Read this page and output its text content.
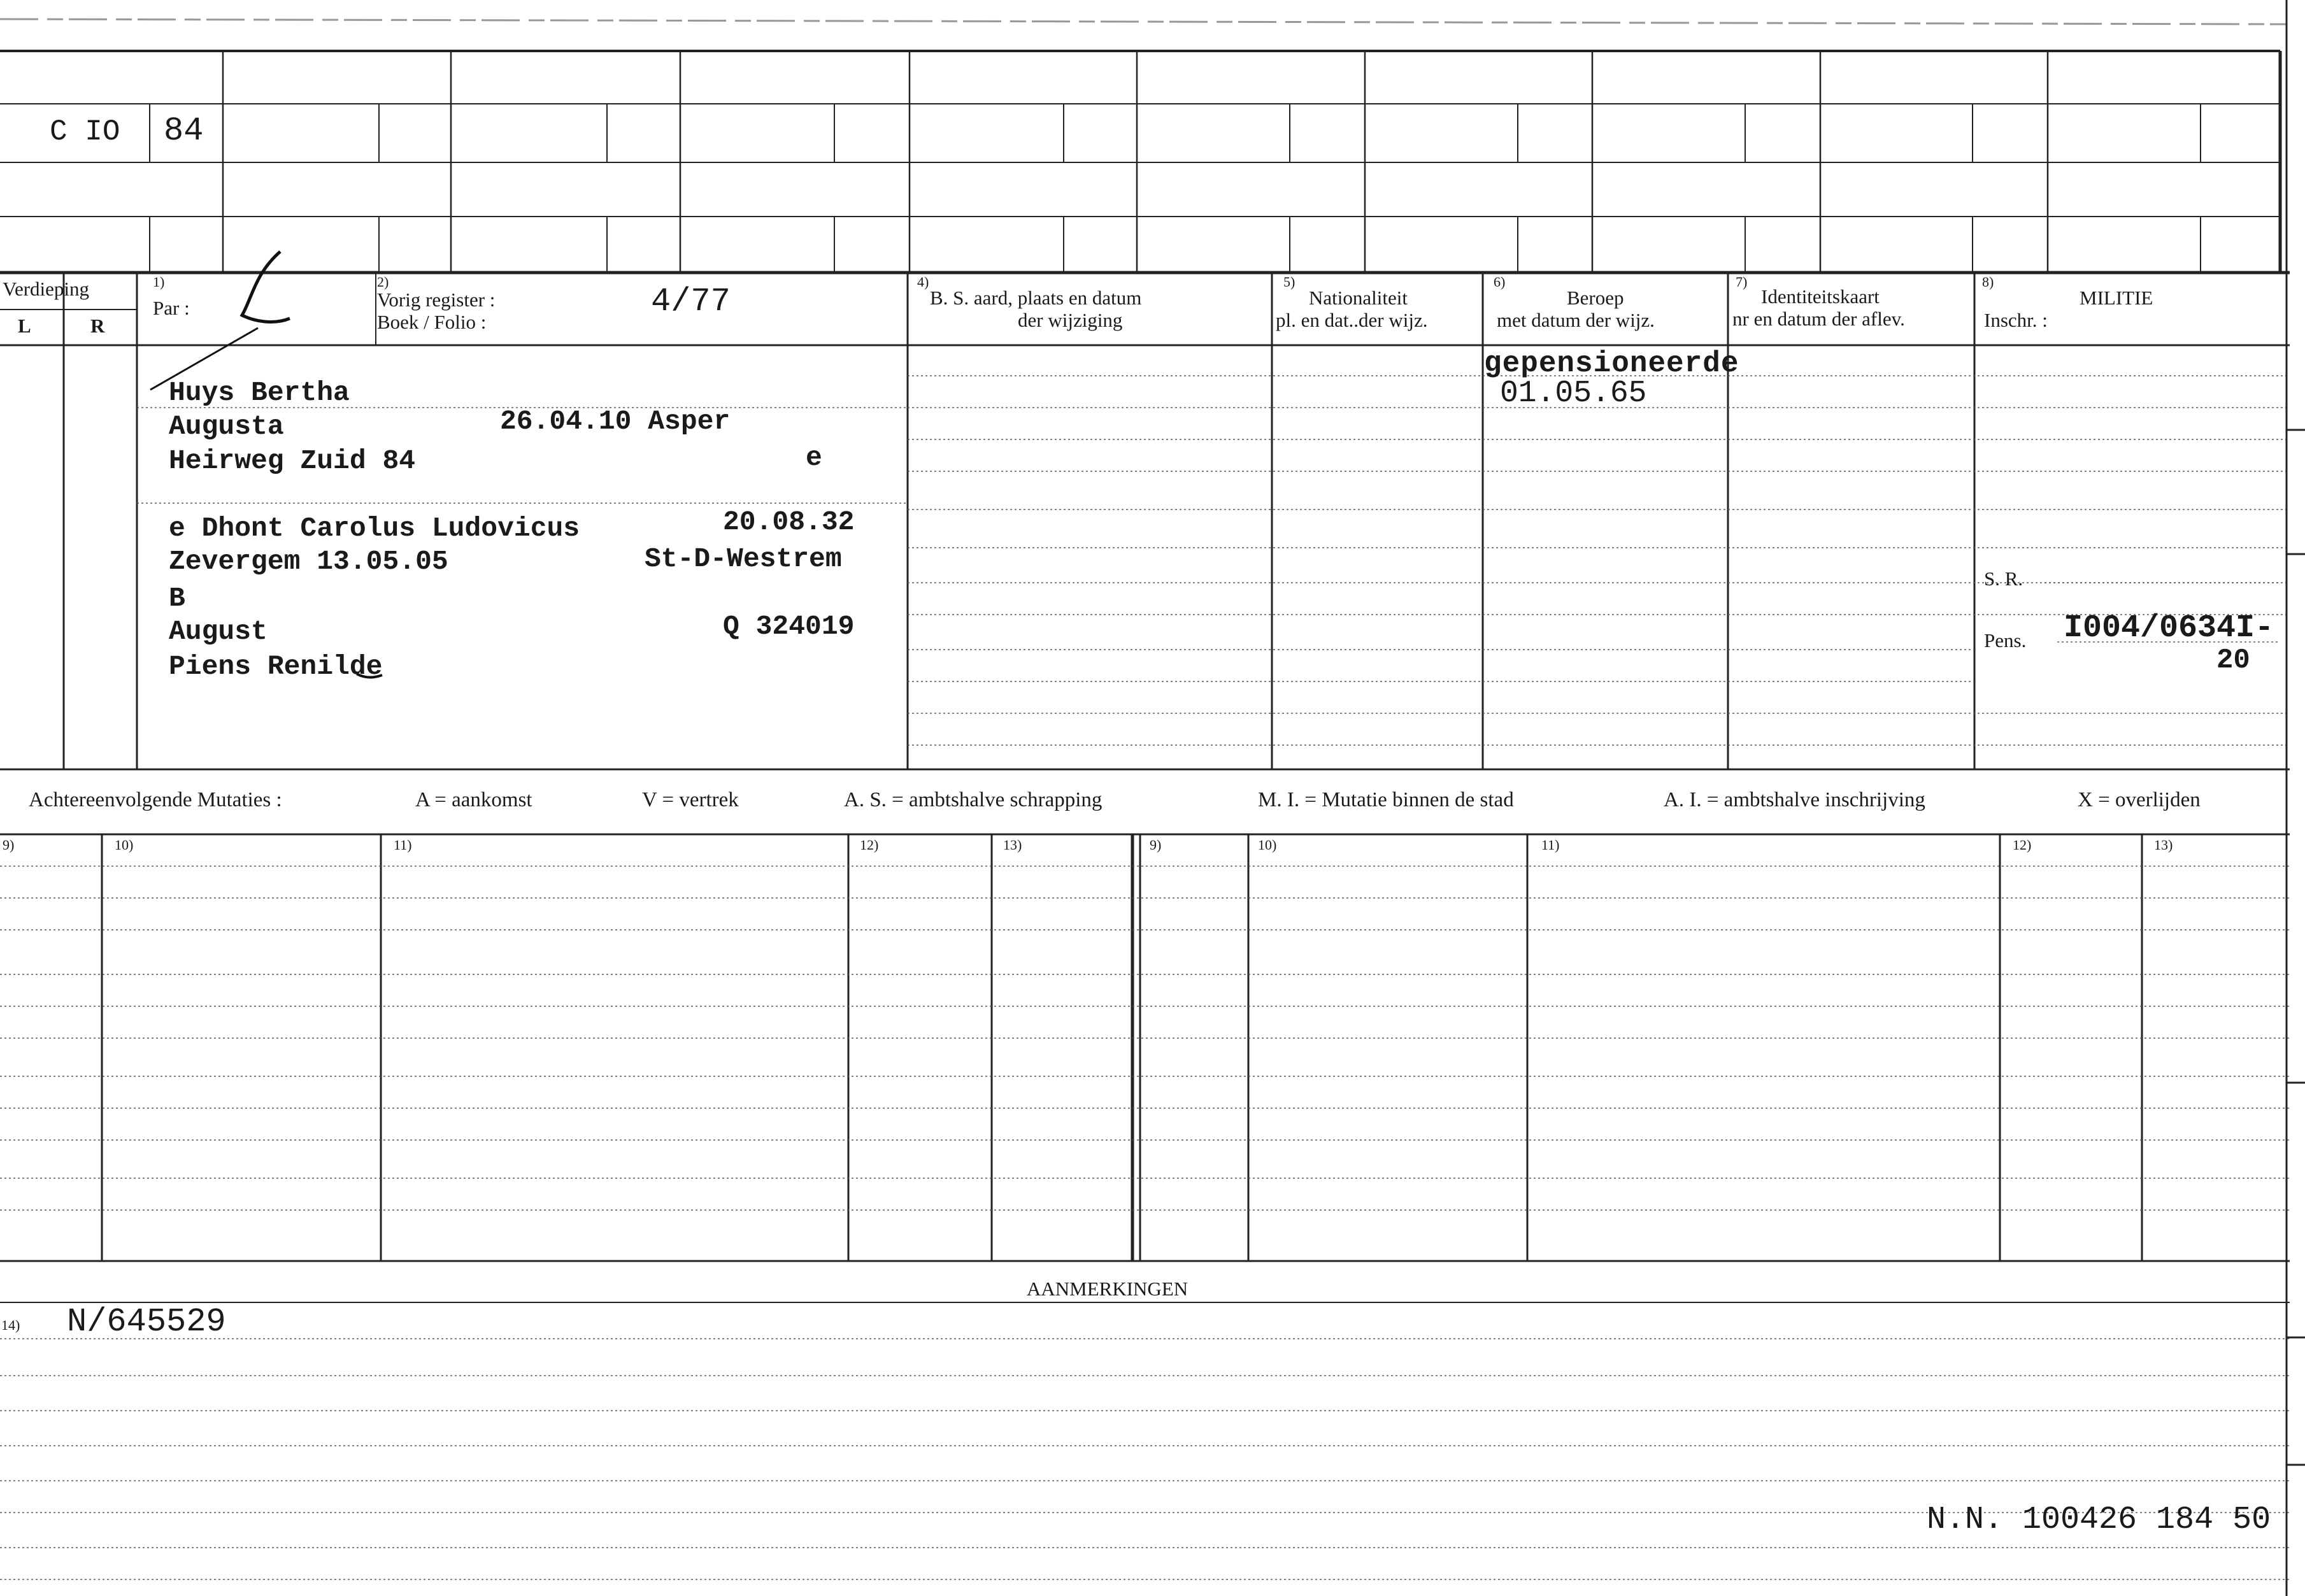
C IO 84
Verdieping
L	R
1)
Par :
2)
Vorig register :
Boek / Folio :
4/77
4)
B. S. aard, plaats en datum
der wijziging
5)
Nationaliteit
pl. en dat..der wijz.
6)
Beroep
met datum der wijz.
7)
Identiteitskaart
nr en datum der aflev.
8)
MILITIE
Inschr. :
Huys Bertha
Augusta	26.04.10 Asper
Heirweg Zuid 84	e
e Dhont Carolus Ludovicus	20.08.32
Zevergem 13.05.05	St-D-Westrem
B
August	Q 324019
Piens Renilde
gepensioneerde
01.05.65
S. R.
Pens. I004/0634I-
20
Achtereenvolgende Mutaties :	A = aankomst	V = vertrek	A. S. = ambtshalve schrapping	M. I. = Mutatie binnen de stad	A. I. = ambtshalve inschrijving	X = overlijden
9)	10)	11)	12)	13)	9)	10)	11)	12)	13)
AANMERKINGEN
14) N/645529
N.N. 100426 184 50
